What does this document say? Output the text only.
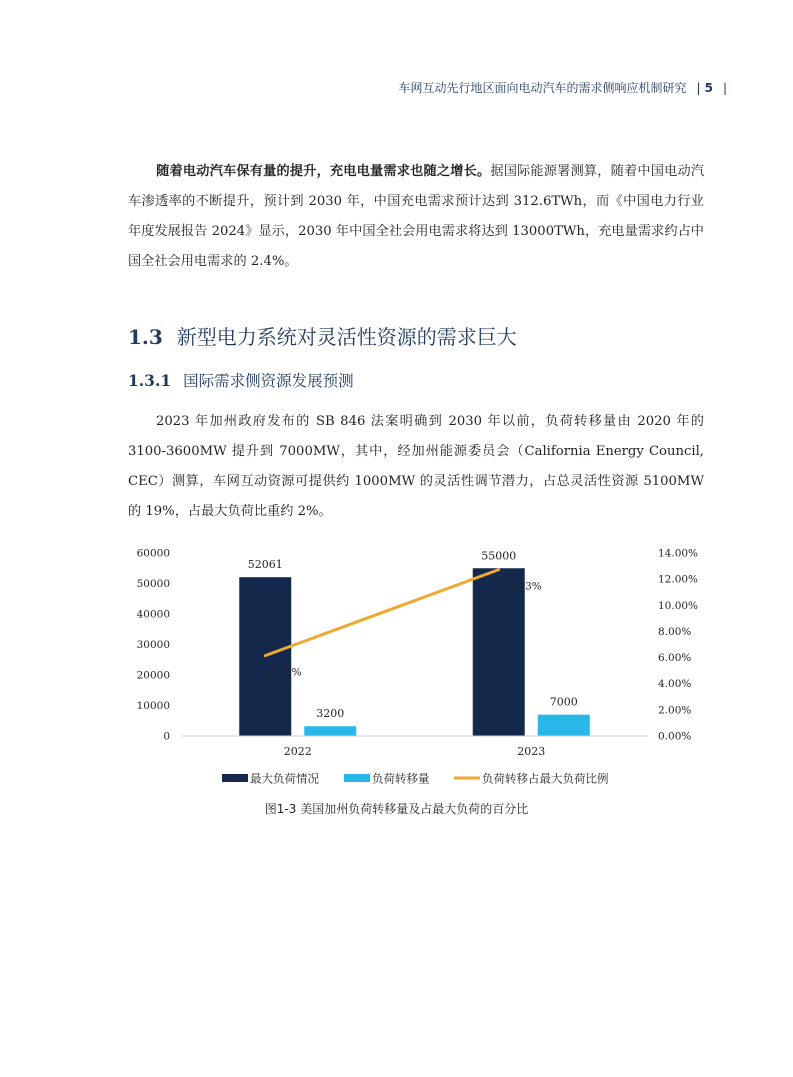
车网互动先行地区面向电动汽车的需求侧响应机制研究 | 5 |

随着电动汽车保有量的提升，充电电量需求也随之增长。据国际能源署测算，随着中国电动汽车渗透率的不断提升，预计到 2030 年，中国充电需求预计达到 312.6TWh，而《中国电力行业年度发展报告 2024》显示，2030 年中国全社会用电需求将达到 13000TWh，充电量需求约占中国全社会用电需求的 2.4%。

1.3 新型电力系统对灵活性资源的需求巨大
1.3.1 国际需求侧资源发展预测

2023 年加州政府发布的 SB 846 法案明确到 2030 年以前，负荷转移量由 2020 年的 3100-3600MW 提升到 7000MW，其中，经加州能源委员会（California Energy Council, CEC）测算，车网互动资源可提供约 1000MW 的灵活性调节潜力，占总灵活性资源 5100MW 的 19%，占最大负荷比重约 2%。

0
10000
20000
30000
40000
50000
60000
0.00%
2.00%
4.00%
6.00%
8.00%
10.00%
12.00%
14.00%
52061
3200
2022
55000
7000
2023
6.15%
12.73%
最大负荷情况	负荷转移量	负荷转移占最大负荷比例
图1-3 美国加州负荷转移量及占最大负荷的百分比
